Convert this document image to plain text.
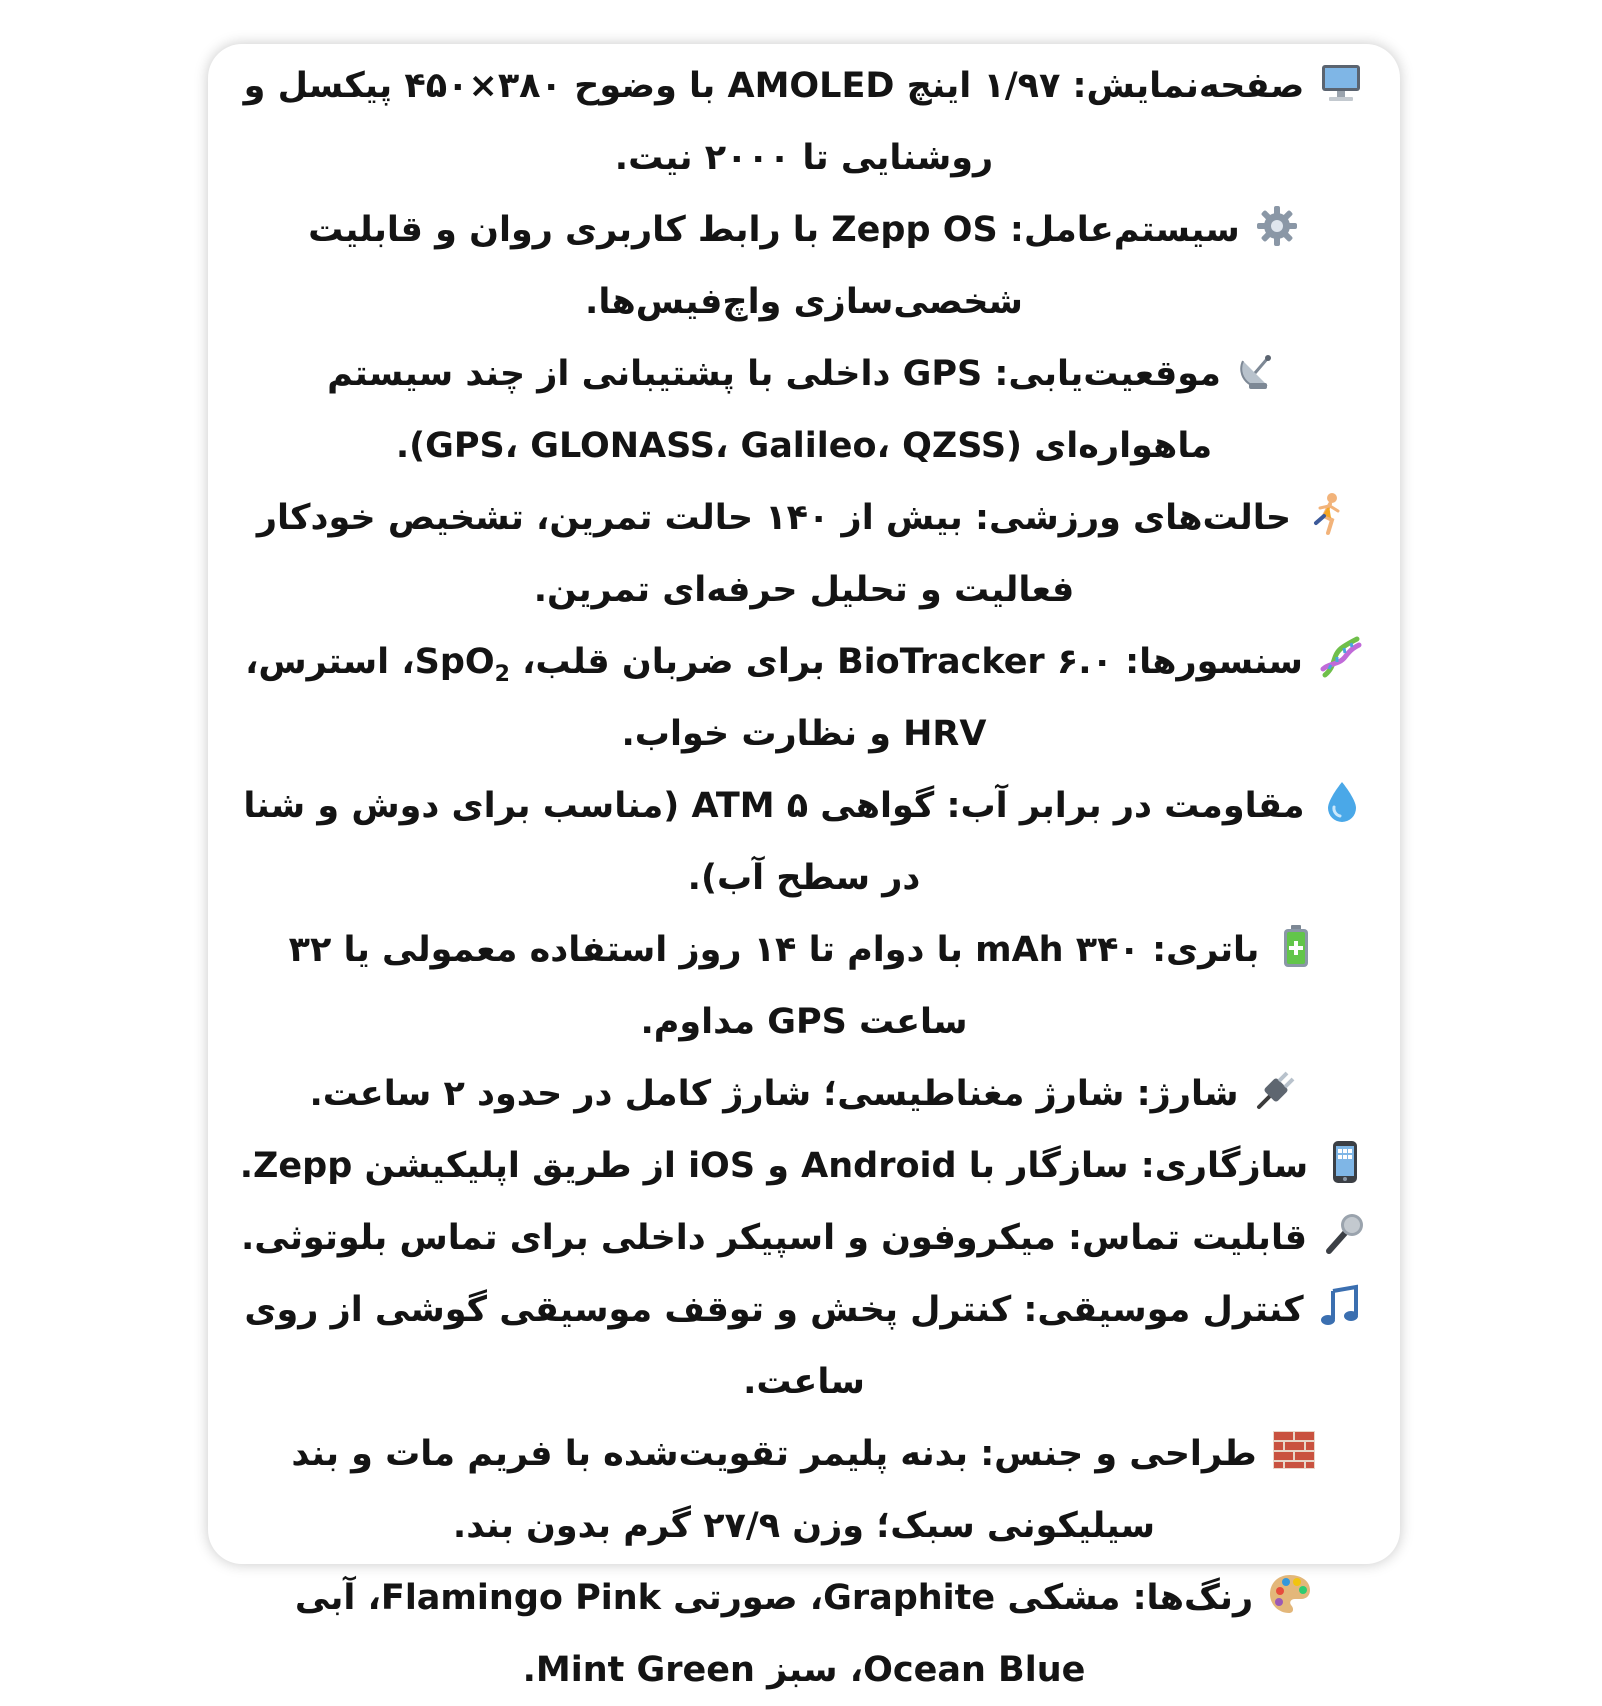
صفحه‌نمایش: ۱/۹۷ اینچ AMOLED با وضوح ۳۸۰×۴۵۰ پیکسل و روشنایی تا ۲۰۰۰ نیت.

سیستم‌عامل: Zepp OS با رابط کاربری روان و قابلیت شخصی‌سازی واچ‌فیس‌ها.

موقعیت‌یابی: GPS داخلی با پشتیبانی از چند سیستم ماهواره‌ای (GPS، GLONASS، Galileo، QZSS).

حالت‌های ورزشی: بیش از ۱۴۰ حالت تمرین، تشخیص خودکار فعالیت و تحلیل حرفه‌ای تمرین.

سنسورها: BioTracker ۶.۰ برای ضربان قلب، SpO$_2$، استرس، HRV و نظارت خواب.

مقاومت در برابر آب: گواهی ۵ ATM (مناسب برای دوش و شنا در سطح آب).

باتری: ۳۴۰ mAh با دوام تا ۱۴ روز استفاده معمولی یا ۳۲ ساعت GPS مداوم.

شارژ: شارژ مغناطیسی؛ شارژ کامل در حدود ۲ ساعت.

سازگاری: سازگار با Android و iOS از طریق اپلیکیشن Zepp.

قابلیت تماس: میکروفون و اسپیکر داخلی برای تماس بلوتوثی.

کنترل موسیقی: کنترل پخش و توقف موسیقی گوشی از روی ساعت.

طراحی و جنس: بدنه پلیمر تقویت‌شده با فریم مات و بند سیلیکونی سبک؛ وزن ۲۷/۹ گرم بدون بند.

رنگ‌ها: مشکی Graphite، صورتی Flamingo Pink، آبی Ocean Blue، سبز Mint Green.
